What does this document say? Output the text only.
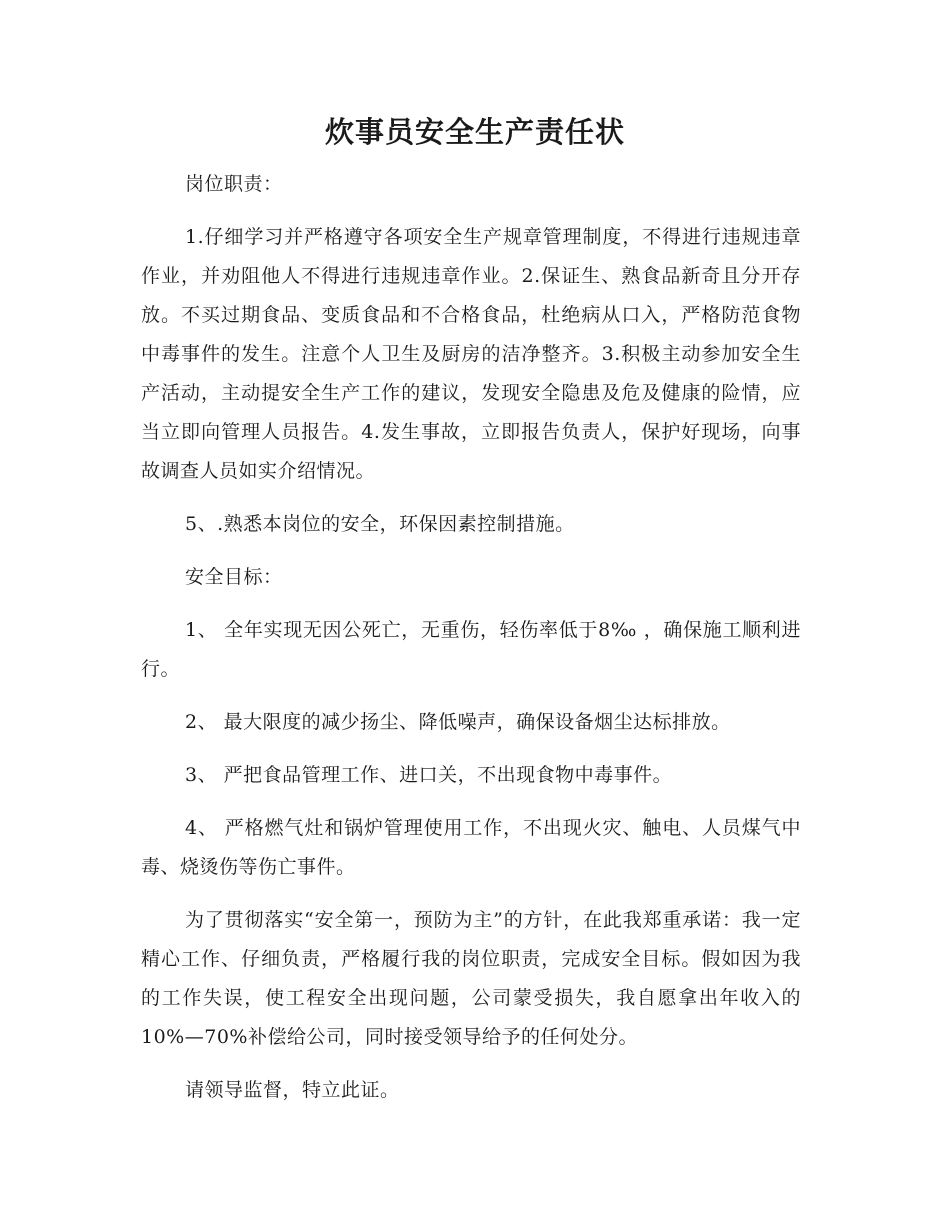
炊事员安全生产责任状

岗位职责：

1.仔细学习并严格遵守各项安全生产规章管理制度，不得进行违规违章作业，并劝阻他人不得进行违规违章作业。2.保证生、熟食品新奇且分开存放。不买过期食品、变质食品和不合格食品，杜绝病从口入，严格防范食物中毒事件的发生。注意个人卫生及厨房的洁净整齐。3.积极主动参加安全生产活动，主动提安全生产工作的建议，发现安全隐患及危及健康的险情，应当立即向管理人员报告。4.发生事故，立即报告负责人，保护好现场，向事故调查人员如实介绍情况。

5、.熟悉本岗位的安全，环保因素控制措施。

安全目标：

1、 全年实现无因公死亡，无重伤，轻伤率低于8‰ ，确保施工顺利进行。

2、 最大限度的减少扬尘、降低噪声，确保设备烟尘达标排放。

3、 严把食品管理工作、进口关，不出现食物中毒事件。

4、 严格燃气灶和锅炉管理使用工作，不出现火灾、触电、人员煤气中毒、烧烫伤等伤亡事件。

为了贯彻落实“安全第一，预防为主”的方针，在此我郑重承诺：我一定精心工作、仔细负责，严格履行我的岗位职责，完成安全目标。假如因为我的工作失误，使工程安全出现问题，公司蒙受损失，我自愿拿出年收入的10%—70%补偿给公司，同时接受领导给予的任何处分。

请领导监督，特立此证。
